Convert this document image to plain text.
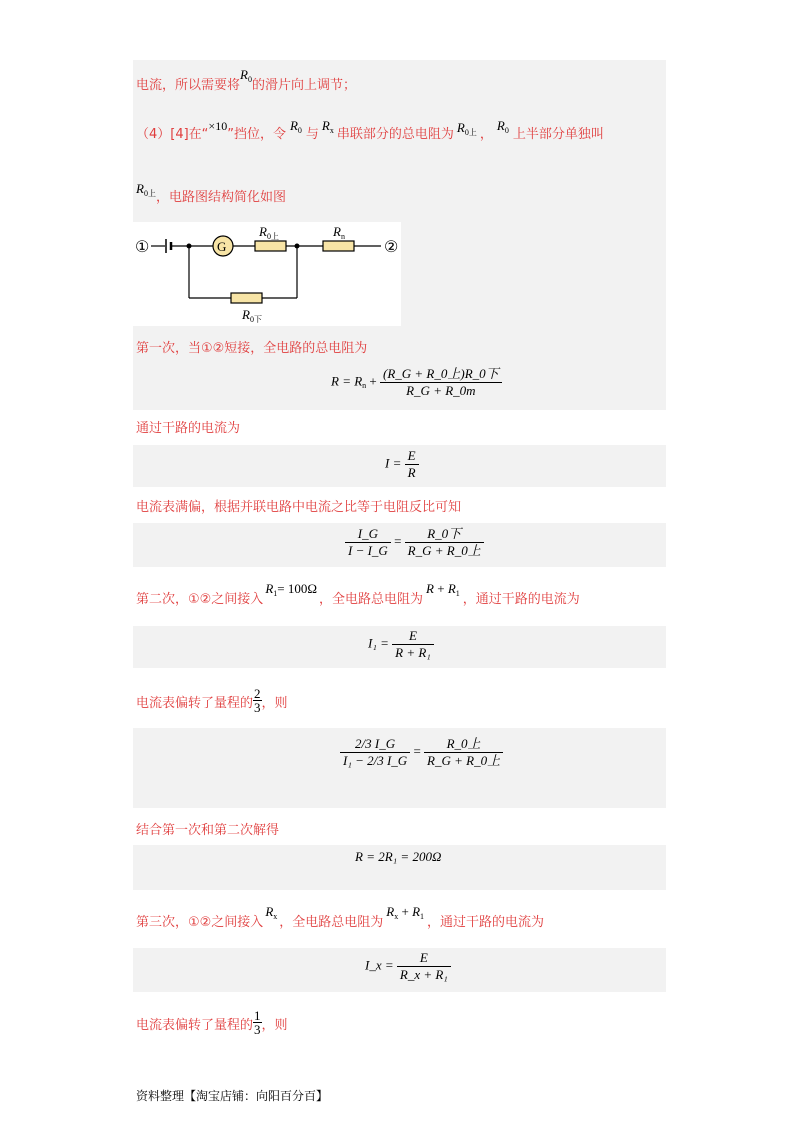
电流，所以需要将$R_0$的滑片向上调节；
（4）[4]在“×10”挡位，令$R_0$ 与$R_x$ 串联部分的总电阻为 $R_{0上}$ ，$R_0$ 上半部分单独叫
$R_{0上}$，电路图结构简化如图
①	G
$R_{0上}$	$R_n$
②
$R_{0下}$
第一次，当①②短接，全电路的总电阻为
$R = R_n + \frac{\text{(R\_G + R\_0上)R\_0下}}{R\_G + R\_0m}$
通过干路的电流为
$I = \frac{E}{R}$
电流表满偏，根据并联电路中电流之比等于电阻反比可知
$\frac{I\_G}{I - I\_G} = \frac{\text{R\_0下}}{\text{R\_G + R\_0上}}$
第二次，①②之间接入$R_1= 100\Omega$，全电路总电阻为$R + R_1$ ，通过干路的电流为
$I_1 = \frac{E}{\text{R + R₁}}$
电流表偏转了量程的 $\frac{2}{3}$ ，则
$\frac{2/3 I\_G}{\text{I₁ − 2/3 I\_G}} = \frac{\text{R\_0上}}{\text{R\_G + R\_0上}}$
结合第一次和第二次解得
R = 2R₁ = 200Ω
第三次，①②之间接入$R_x$ ，全电路总电阻为$R_x + R_1$ ，通过干路的电流为
I_x = $\frac{E}{\text{R\_x + R₁}}$
电流表偏转了量程的 $\frac{1}{3}$ ，则
资料整理【淘宝店铺：向阳百分百】
